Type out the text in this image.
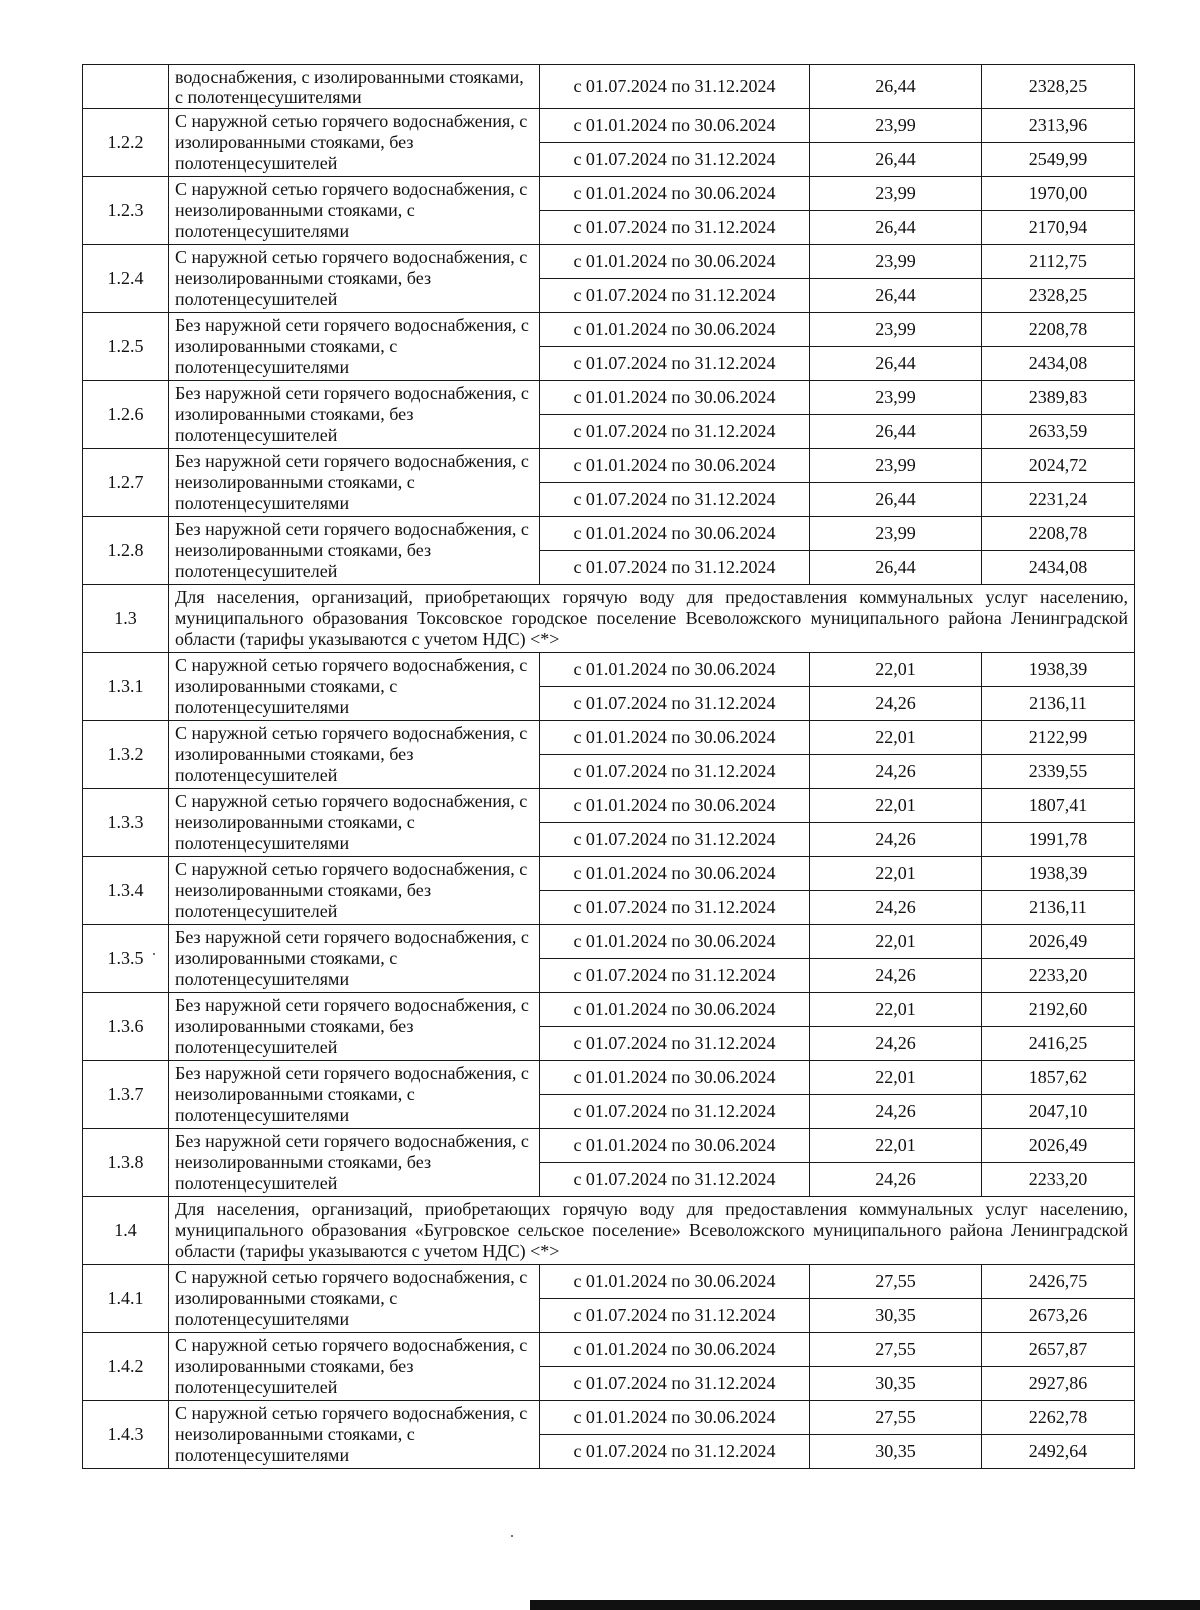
	водоснабжения, с изолированными стояками, с полотенцесушителями	с 01.07.2024 по 31.12.2024	26,44	2328,25
1.2.2	С наружной сетью горячего водоснабжения, с изолированными стояками, без полотенцесушителей	с 01.01.2024 по 30.06.2024	23,99	2313,96
		с 01.07.2024 по 31.12.2024	26,44	2549,99
1.2.3	С наружной сетью горячего водоснабжения, с неизолированными стояками, с полотенцесушителями	с 01.01.2024 по 30.06.2024	23,99	1970,00
		с 01.07.2024 по 31.12.2024	26,44	2170,94
1.2.4	С наружной сетью горячего водоснабжения, с неизолированными стояками, без полотенцесушителей	с 01.01.2024 по 30.06.2024	23,99	2112,75
		с 01.07.2024 по 31.12.2024	26,44	2328,25
1.2.5	Без наружной сети горячего водоснабжения, с изолированными стояками, с полотенцесушителями	с 01.01.2024 по 30.06.2024	23,99	2208,78
		с 01.07.2024 по 31.12.2024	26,44	2434,08
1.2.6	Без наружной сети горячего водоснабжения, с изолированными стояками, без полотенцесушителей	с 01.01.2024 по 30.06.2024	23,99	2389,83
		с 01.07.2024 по 31.12.2024	26,44	2633,59
1.2.7	Без наружной сети горячего водоснабжения, с неизолированными стояками, с полотенцесушителями	с 01.01.2024 по 30.06.2024	23,99	2024,72
		с 01.07.2024 по 31.12.2024	26,44	2231,24
1.2.8	Без наружной сети горячего водоснабжения, с неизолированными стояками, без полотенцесушителей	с 01.01.2024 по 30.06.2024	23,99	2208,78
		с 01.07.2024 по 31.12.2024	26,44	2434,08
1.3	Для населения, организаций, приобретающих горячую воду для предоставления коммунальных услуг населению, муниципального образования Токсовское городское поселение Всеволожского муниципального района Ленинградской области (тарифы указываются с учетом НДС) <*>			
1.3.1	С наружной сетью горячего водоснабжения, с изолированными стояками, с полотенцесушителями	с 01.01.2024 по 30.06.2024	22,01	1938,39
		с 01.07.2024 по 31.12.2024	24,26	2136,11
1.3.2	С наружной сетью горячего водоснабжения, с изолированными стояками, без полотенцесушителей	с 01.01.2024 по 30.06.2024	22,01	2122,99
		с 01.07.2024 по 31.12.2024	24,26	2339,55
1.3.3	С наружной сетью горячего водоснабжения, с неизолированными стояками, с полотенцесушителями	с 01.01.2024 по 30.06.2024	22,01	1807,41
		с 01.07.2024 по 31.12.2024	24,26	1991,78
1.3.4	С наружной сетью горячего водоснабжения, с неизолированными стояками, без полотенцесушителей	с 01.01.2024 по 30.06.2024	22,01	1938,39
		с 01.07.2024 по 31.12.2024	24,26	2136,11
1.3.5	Без наружной сети горячего водоснабжения, с изолированными стояками, с полотенцесушителями	с 01.01.2024 по 30.06.2024	22,01	2026,49
		с 01.07.2024 по 31.12.2024	24,26	2233,20
1.3.6	Без наружной сети горячего водоснабжения, с изолированными стояками, без полотенцесушителей	с 01.01.2024 по 30.06.2024	22,01	2192,60
		с 01.07.2024 по 31.12.2024	24,26	2416,25
1.3.7	Без наружной сети горячего водоснабжения, с неизолированными стояками, с полотенцесушителями	с 01.01.2024 по 30.06.2024	22,01	1857,62
		с 01.07.2024 по 31.12.2024	24,26	2047,10
1.3.8	Без наружной сети горячего водоснабжения, с неизолированными стояками, без полотенцесушителей	с 01.01.2024 по 30.06.2024	22,01	2026,49
		с 01.07.2024 по 31.12.2024	24,26	2233,20
1.4	Для населения, организаций, приобретающих горячую воду для предоставления коммунальных услуг населению, муниципального образования «Бугровское сельское поселение» Всеволожского муниципального района Ленинградской области (тарифы указываются с учетом НДС) <*>			
1.4.1	С наружной сетью горячего водоснабжения, с изолированными стояками, с полотенцесушителями	с 01.01.2024 по 30.06.2024	27,55	2426,75
		с 01.07.2024 по 31.12.2024	30,35	2673,26
1.4.2	С наружной сетью горячего водоснабжения, с изолированными стояками, без полотенцесушителей	с 01.01.2024 по 30.06.2024	27,55	2657,87
		с 01.07.2024 по 31.12.2024	30,35	2927,86
1.4.3	С наружной сетью горячего водоснабжения, с неизолированными стояками, с полотенцесушителями	с 01.01.2024 по 30.06.2024	27,55	2262,78
		с 01.07.2024 по 31.12.2024	30,35	2492,64
